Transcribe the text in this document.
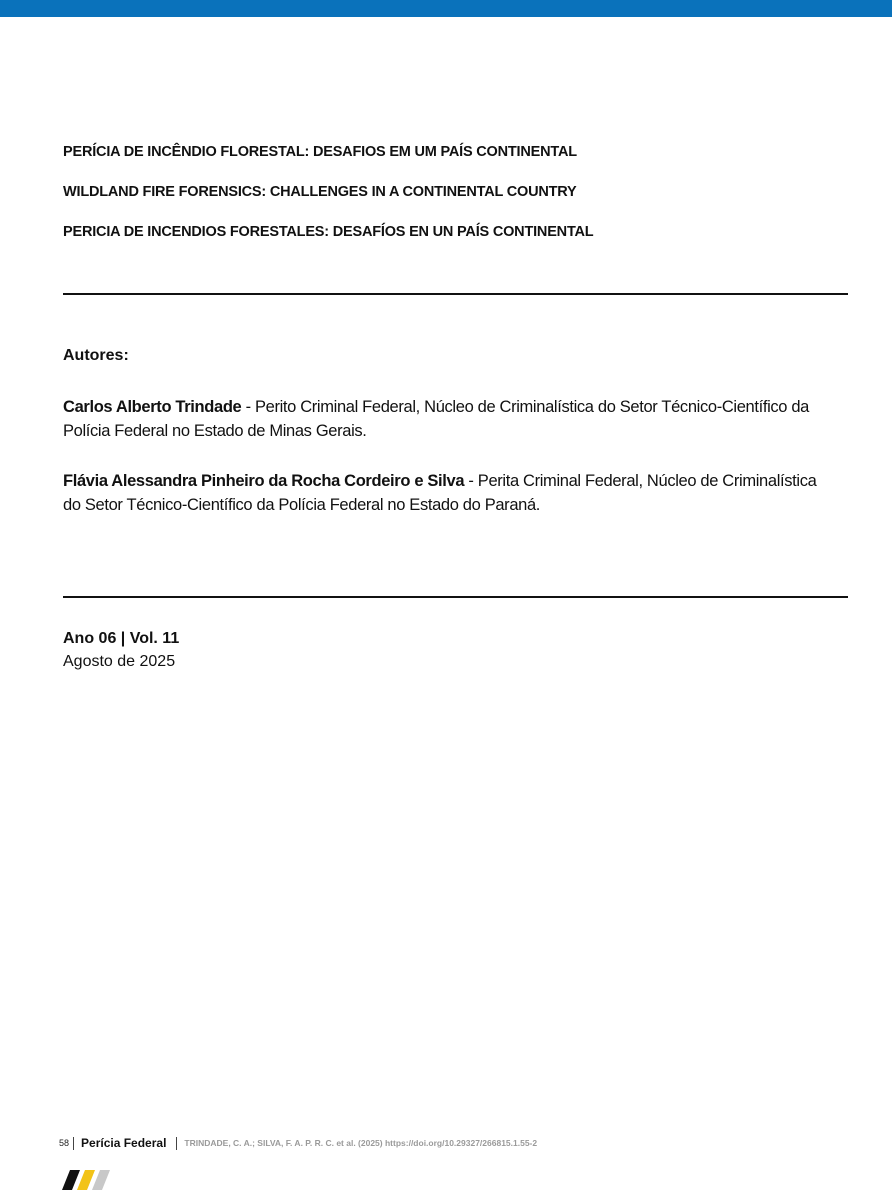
PERÍCIA DE INCÊNDIO FLORESTAL: DESAFIOS EM UM PAÍS CONTINENTAL
WILDLAND FIRE FORENSICS: CHALLENGES IN A CONTINENTAL COUNTRY
PERICIA DE INCENDIOS FORESTALES: DESAFÍOS EN UN PAÍS CONTINENTAL
Autores:
Carlos Alberto Trindade - Perito Criminal Federal, Núcleo de Criminalística do Setor Técnico-Científico da Polícia Federal no Estado de Minas Gerais.
Flávia Alessandra Pinheiro da Rocha Cordeiro e Silva - Perita Criminal Federal, Núcleo de Criminalística do Setor Técnico-Científico da Polícia Federal no Estado do Paraná.
Ano 06 | Vol. 11
Agosto de 2025
58 Perícia Federal TRINDADE, C. A.; SILVA, F. A. P. R. C. et al. (2025) https://doi.org/10.29327/266815.1.55-2
